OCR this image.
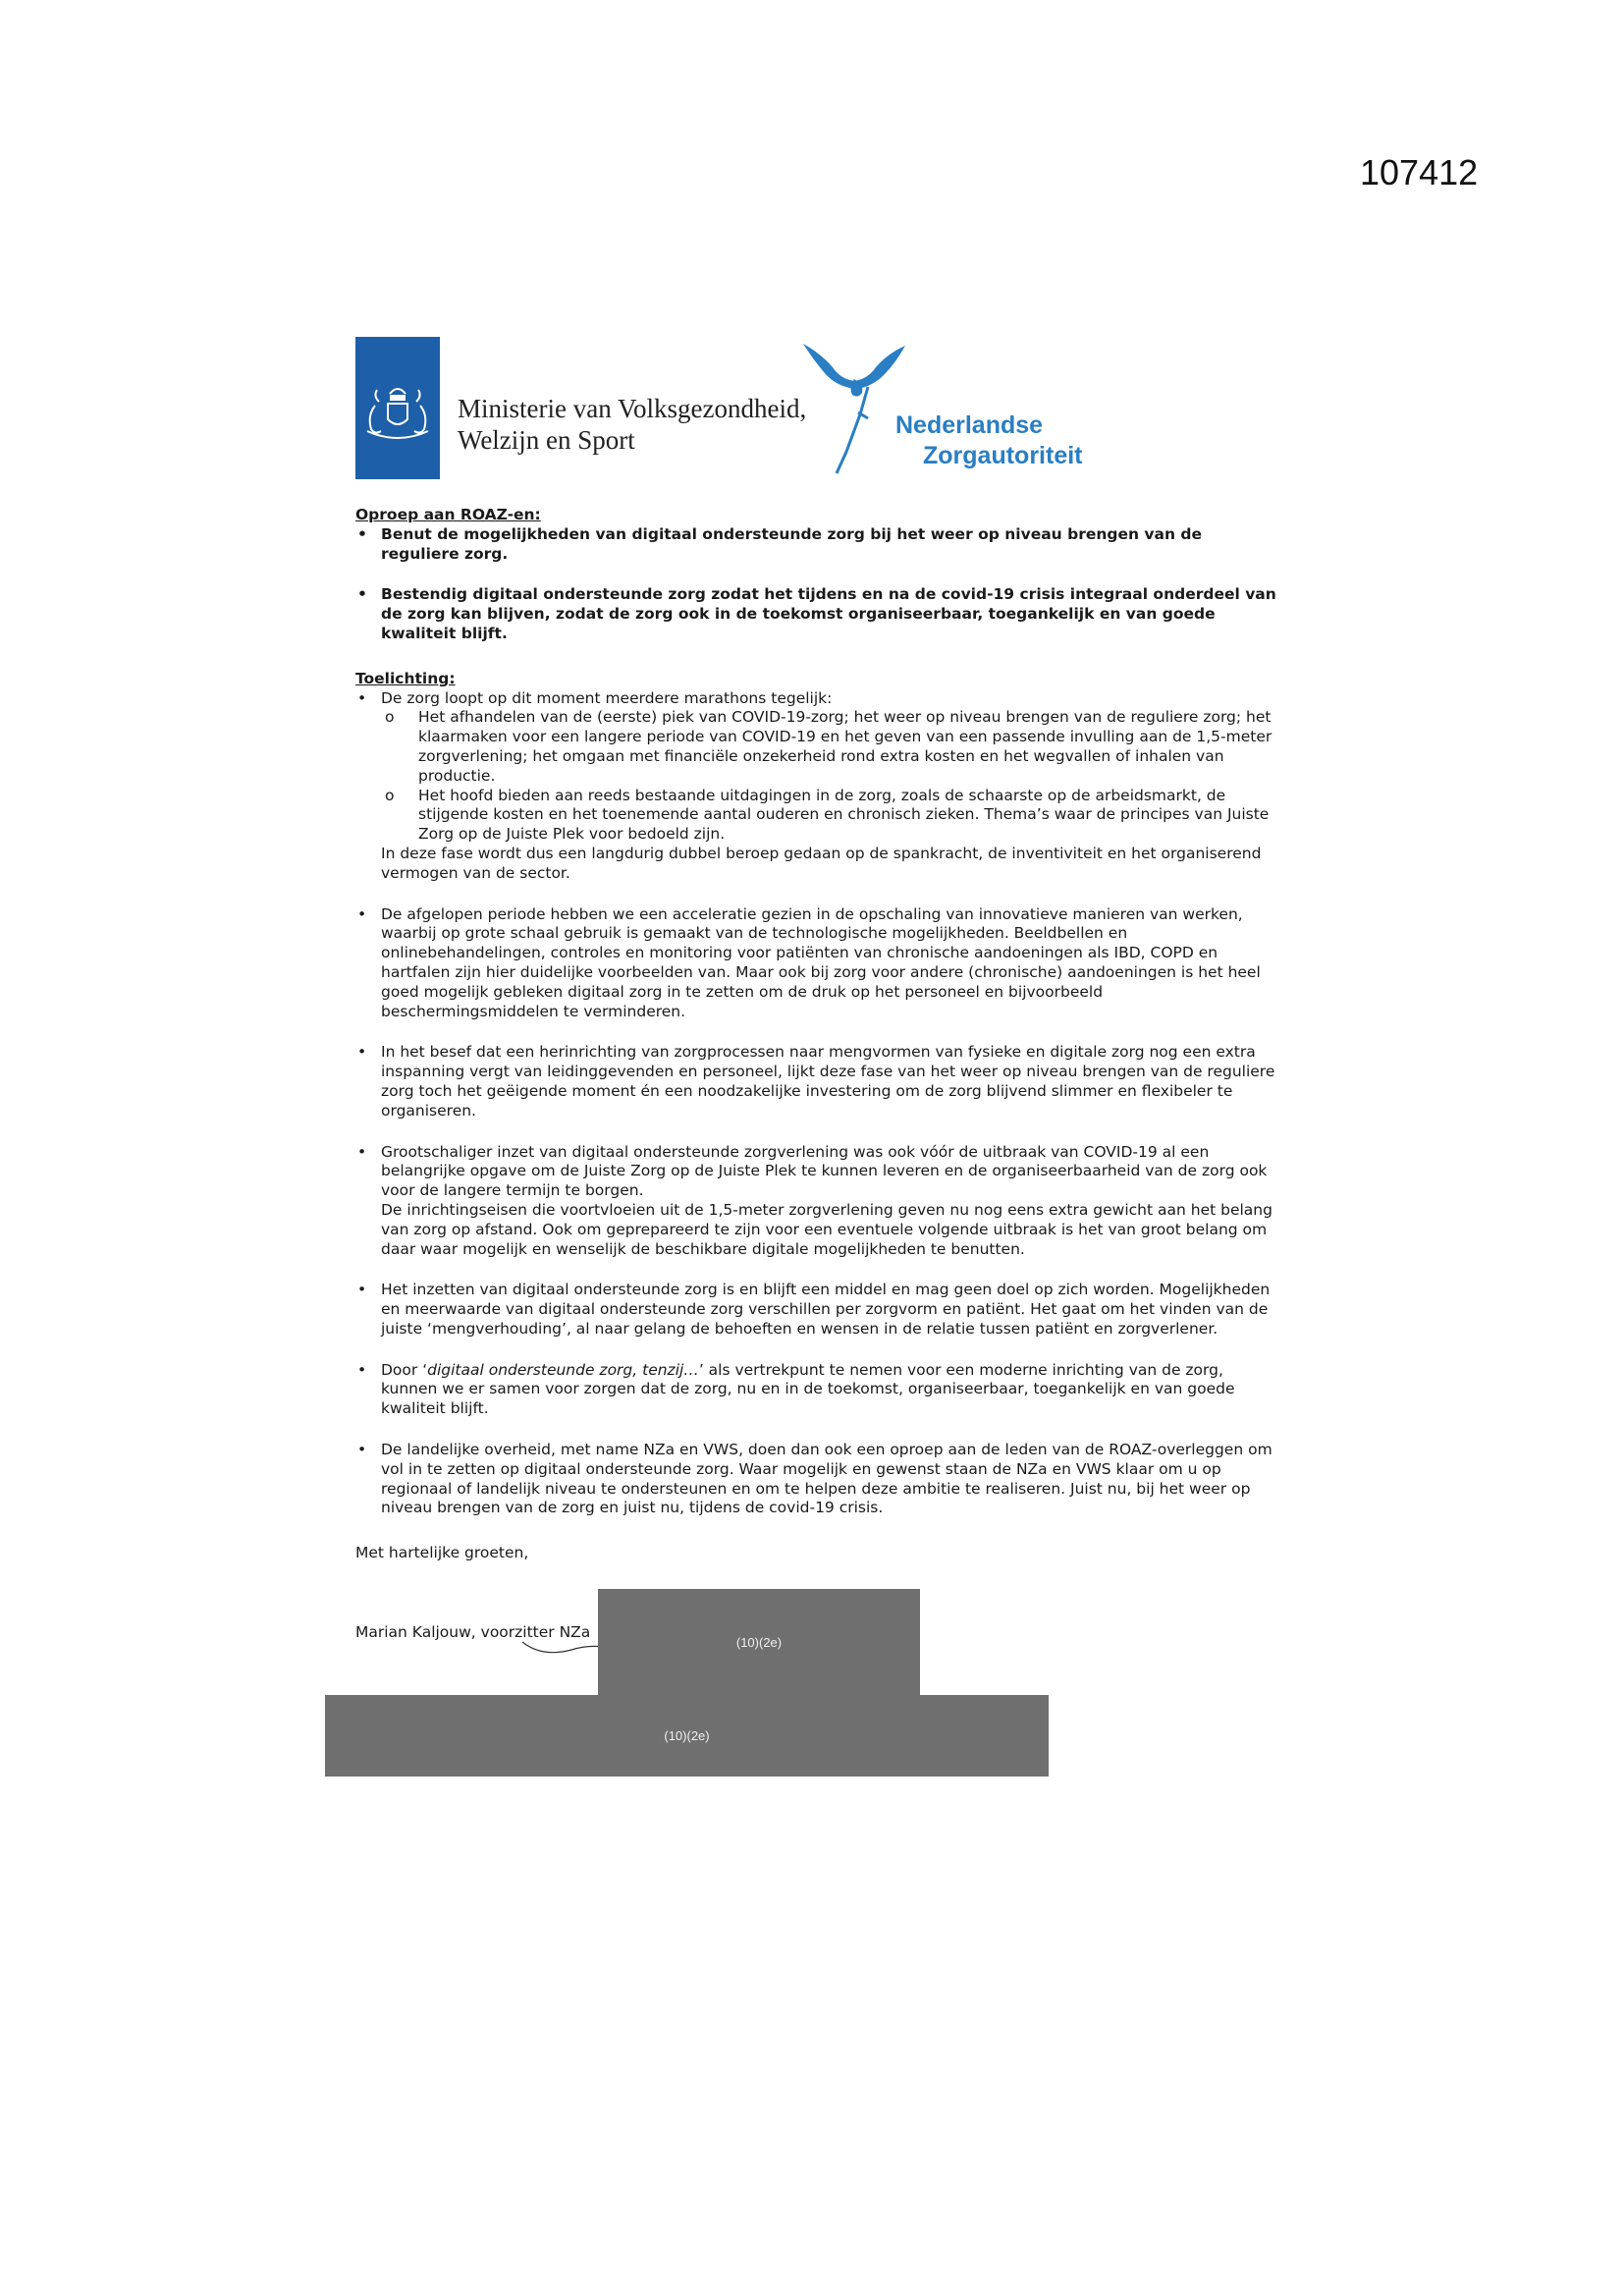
107412
Ministerie van Volksgezondheid,
Welzijn en Sport	Nederlandse
Zorgautoriteit

Oproep aan ROAZ-en:

• Benut de mogelijkheden van digitaal ondersteunde zorg bij het weer op niveau brengen van de reguliere zorg.
• Bestendig digitaal ondersteunde zorg zodat het tijdens en na de covid-19 crisis integraal onderdeel van de zorg kan blijven, zodat de zorg ook in de toekomst organiseerbaar, toegankelijk en van goede kwaliteit blijft.

Toelichting:

• De zorg loopt op dit moment meerdere marathons tegelijk:
o Het afhandelen van de (eerste) piek van COVID-19-zorg; het weer op niveau brengen van de reguliere zorg; het klaarmaken voor een langere periode van COVID-19 en het geven van een passende invulling aan de 1,5-meter zorgverlening; het omgaan met financiële onzekerheid rond extra kosten en het wegvallen of inhalen van productie.
o Het hoofd bieden aan reeds bestaande uitdagingen in de zorg, zoals de schaarste op de arbeidsmarkt, de stijgende kosten en het toenemende aantal ouderen en chronisch zieken. Thema’s waar de principes van Juiste Zorg op de Juiste Plek voor bedoeld zijn.
In deze fase wordt dus een langdurig dubbel beroep gedaan op de spankracht, de inventiviteit en het organiserend vermogen van de sector.
• De afgelopen periode hebben we een acceleratie gezien in de opschaling van innovatieve manieren van werken, waarbij op grote schaal gebruik is gemaakt van de technologische mogelijkheden. Beeldbellen en onlinebehandelingen, controles en monitoring voor patiënten van chronische aandoeningen als IBD, COPD en hartfalen zijn hier duidelijke voorbeelden van. Maar ook bij zorg voor andere (chronische) aandoeningen is het heel goed mogelijk gebleken digitaal zorg in te zetten om de druk op het personeel en bijvoorbeeld beschermingsmiddelen te verminderen.
• In het besef dat een herinrichting van zorgprocessen naar mengvormen van fysieke en digitale zorg nog een extra inspanning vergt van leidinggevenden en personeel, lijkt deze fase van het weer op niveau brengen van de reguliere zorg toch het geëigende moment én een noodzakelijke investering om de zorg blijvend slimmer en flexibeler te organiseren.
• Grootschaliger inzet van digitaal ondersteunde zorgverlening was ook vóór de uitbraak van COVID-19 al een belangrijke opgave om de Juiste Zorg op de Juiste Plek te kunnen leveren en de organiseerbaarheid van de zorg ook voor de langere termijn te borgen.
De inrichtingseisen die voortvloeien uit de 1,5-meter zorgverlening geven nu nog eens extra gewicht aan het belang van zorg op afstand. Ook om geprepareerd te zijn voor een eventuele volgende uitbraak is het van groot belang om daar waar mogelijk en wenselijk de beschikbare digitale mogelijkheden te benutten.
• Het inzetten van digitaal ondersteunde zorg is en blijft een middel en mag geen doel op zich worden. Mogelijkheden en meerwaarde van digitaal ondersteunde zorg verschillen per zorgvorm en patiënt. Het gaat om het vinden van de juiste ‘mengverhouding’, al naar gelang de behoeften en wensen in de relatie tussen patiënt en zorgverlener.
• Door ‘digitaal ondersteunde zorg, tenzij…’ als vertrekpunt te nemen voor een moderne inrichting van de zorg, kunnen we er samen voor zorgen dat de zorg, nu en in de toekomst, organiseerbaar, toegankelijk en van goede kwaliteit blijft.
• De landelijke overheid, met name NZa en VWS, doen dan ook een oproep aan de leden van de ROAZ-overleggen om vol in te zetten op digitaal ondersteunde zorg. Waar mogelijk en gewenst staan de NZa en VWS klaar om u op regionaal of landelijk niveau te ondersteunen en om te helpen deze ambitie te realiseren. Juist nu, bij het weer op niveau brengen van de zorg en juist nu, tijdens de covid-19 crisis.
Met hartelijke groeten,
Marian Kaljouw, voorzitter NZa
(10)(2e)
(10)(2e)
